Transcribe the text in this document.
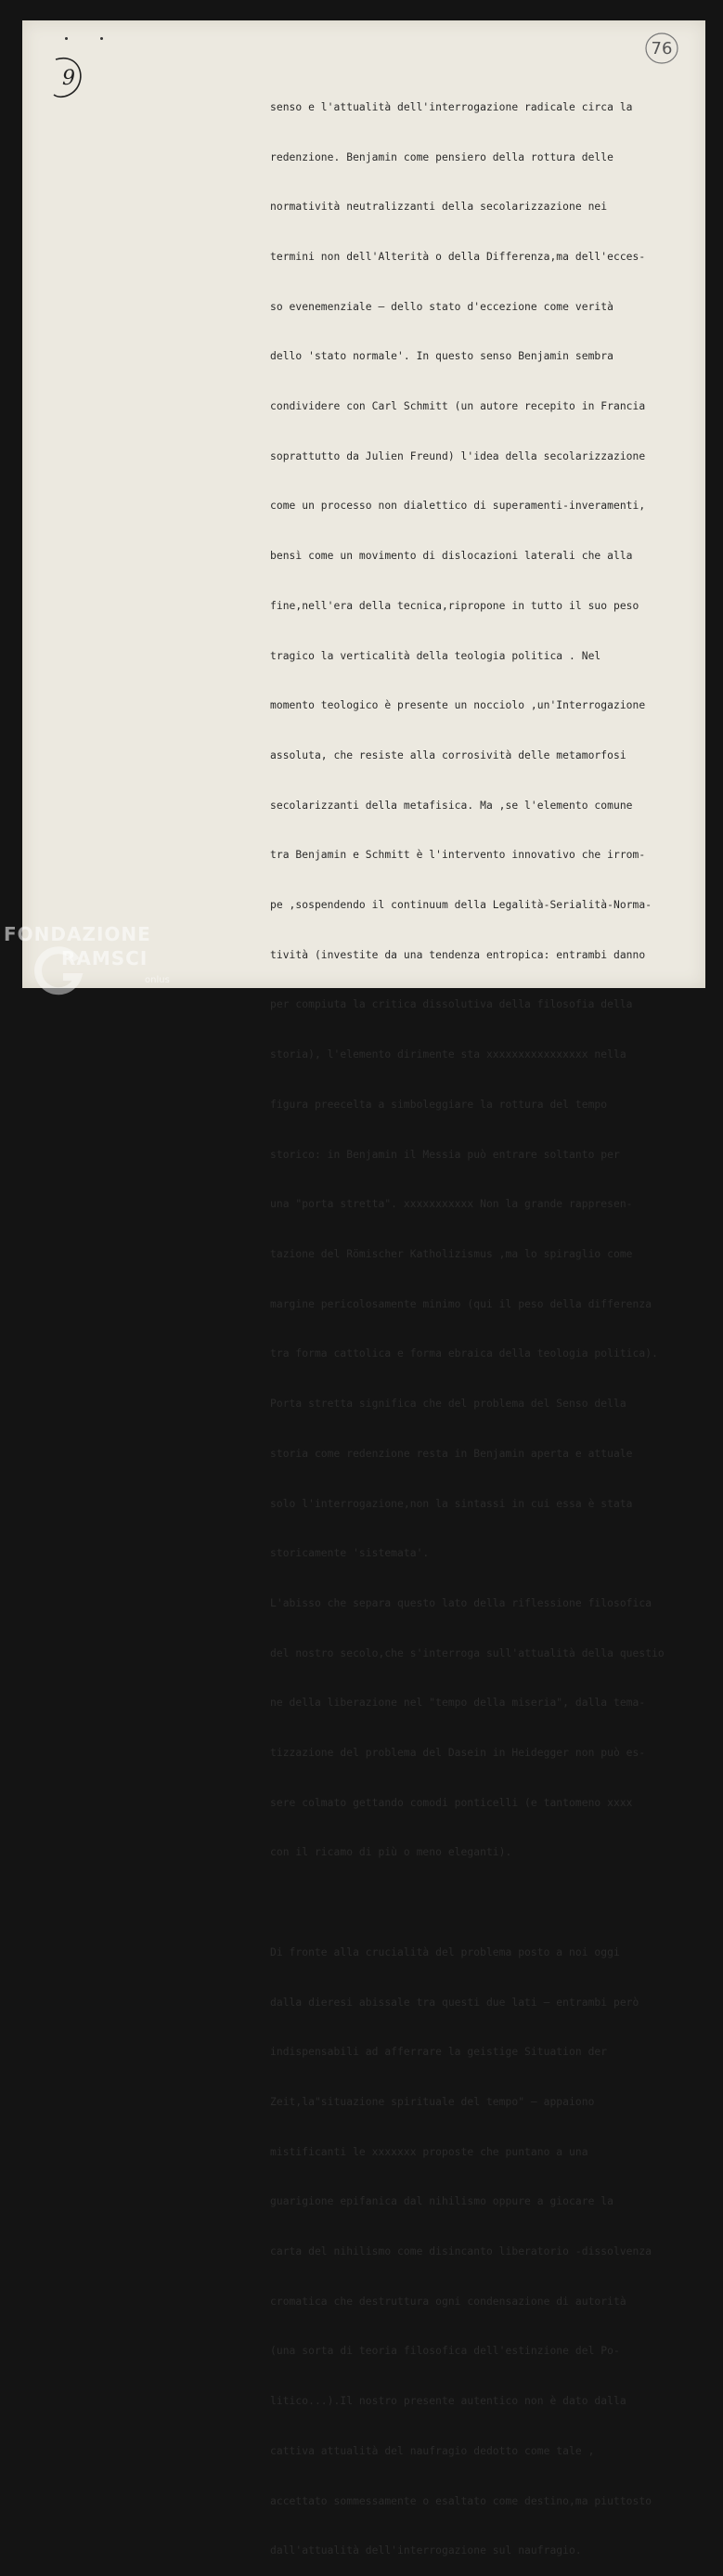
9
76

senso e l'attualità dell'interrogazione radicale circa la

redenzione. Benjamin come pensiero della rottura delle

normatività neutralizzanti della secolarizzazione nei

termini non dell'Alterità o della Differenza,ma dell'ecces-

so evenemenziale — dello stato d'eccezione come verità

dello 'stato normale'. In questo senso Benjamin sembra

condividere con Carl Schmitt (un autore recepito in Francia

soprattutto da Julien Freund) l'idea della secolarizzazione

come un processo non dialettico di superamenti-inveramenti,

bensì come un movimento di dislocazioni laterali che alla

fine,nell'era della tecnica,ripropone in tutto il suo peso

tragico la verticalità della teologia politica . Nel

momento teologico è presente un nocciolo ,un'Interrogazione

assoluta, che resiste alla corrosività delle metamorfosi

secolarizzanti della metafisica. Ma ,se l'elemento comune

tra Benjamin e Schmitt è l'intervento innovativo che irrom-

pe ,sospendendo il continuum della Legalità-Serialità-Norma-

tività (investite da una tendenza entropica: entrambi danno

per compiuta la critica dissolutiva della filosofia della

storia), l'elemento dirimente sta xxxxxxxxxxxxxxxx nella

figura preecelta a simboleggiare la rottura del tempo

storico: in Benjamin il Messia può entrare soltanto per

una "porta stretta". xxxxxxxxxxx Non la grande rappresen-

tazione del Römischer Katholizismus ,ma lo spiraglio come

margine pericolosamente minimo (qui il peso della differenza

tra forma cattolica e forma ebraica della teologia politica).

Porta stretta significa che del problema del Senso della

storia come redenzione resta in Benjamin aperta e attuale

solo l'interrogazione,non la sintassi in cui essa è stata

storicamente 'sistemata'.

L'abisso che separa questo lato della riflessione filosofica

del nostro secolo,che s'interroga sull'attualità della questio

ne della liberazione nel "tempo della miseria", dalla tema-

tizzazione del problema del Dasein in Heidegger non può es-

sere colmato gettando comodi ponticelli (e tantomeno xxxx

con il ricamo di più o meno eleganti).

Di fronte alla crucialità del problema posto a noi oggi

dalla dieresi abissale tra questi due lati — entrambi però

indispensabili ad afferrare la geistige Situation der

Zeit,la"situazione spirituale del tempo" — appaiono

mistificanti le xxxxxxx proposte che puntano a una

guarigione epifanica dal nihilismo oppure a giocare la

carta del nihilismo come disincanto liberatorio -dissolvenza

cromatica che destruttura ogni condensazione di autorità

(una sorta di teoria filosofica dell'estinzione del Po-

litico...).Il nostro presente autentico non è dato dalla

cattiva attualità del naufragio dedotto come tale ,

accettato sommessamente o esaltato come destino,ma piuttosto

dall'attualità dell'interrogazione sul naufragio.

FONDAZIONE
RAMSCI
onlus
